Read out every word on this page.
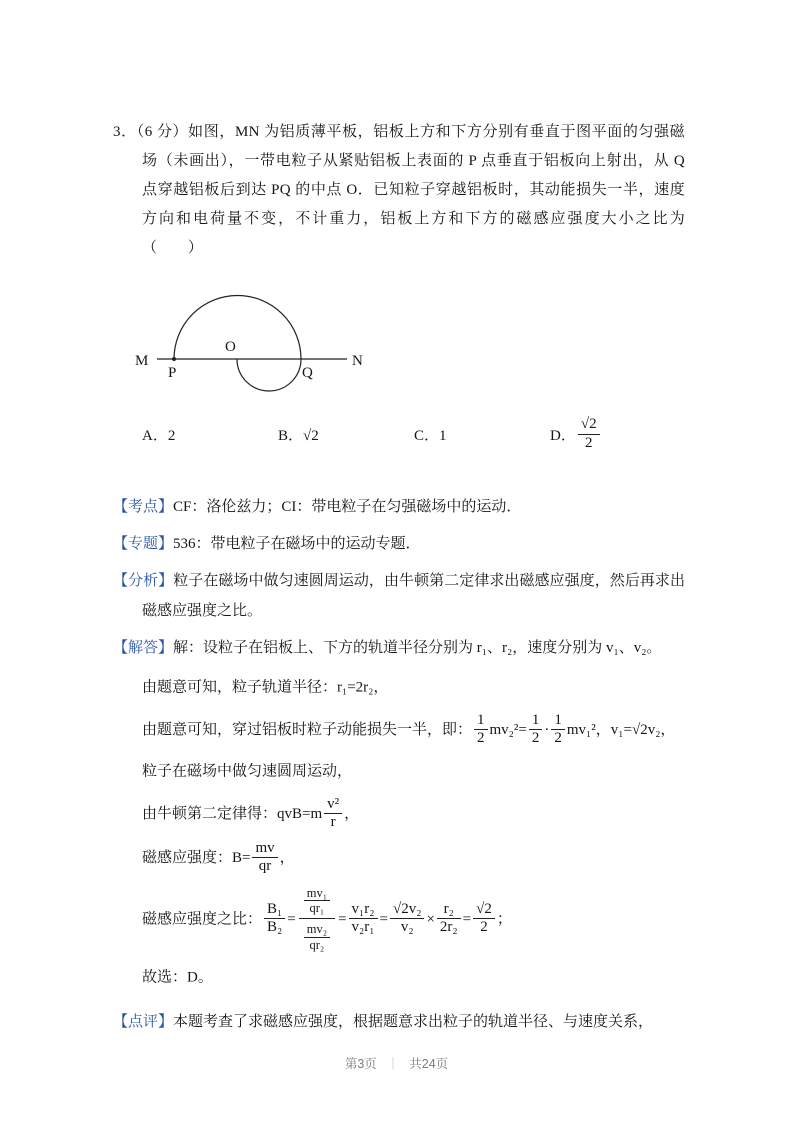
3．（6 分）如图，MN 为铝质薄平板，铝板上方和下方分别有垂直于图平面的匀强磁场（未画出），一带电粒子从紧贴铝板上表面的 P 点垂直于铝板向上射出，从 Q 点穿越铝板后到达 PQ 的中点 O．已知粒子穿越铝板时，其动能损失一半，速度方向和电荷量不变，不计重力，铝板上方和下方的磁感应强度大小之比为（　　）

M	N
O
P	Q
A．2	B．√2	C．1	D． $\frac{√2}{2}$

【考点】CF：洛伦兹力；CI：带电粒子在匀强磁场中的运动．

【专题】536：带电粒子在磁场中的运动专题．

【分析】粒子在磁场中做匀速圆周运动，由牛顿第二定律求出磁感应强度，然后再求出磁感应强度之比。

【解答】解：设粒子在铝板上、下方的轨道半径分别为 r₁、r₂，速度分别为 v₁、v₂。

由题意可知，粒子轨道半径：r₁=2r₂，
由题意可知，穿过铝板时粒子动能损失一半，即： $\frac{1}{2} mv_2^2= \frac{1}{2} \cdot \frac{1}{2} mv_1^2$，v₁=√2v₂，
粒子在磁场中做匀速圆周运动，
由牛顿第二定律得：$qvB=m \frac{\text{v²}}{r}$ ，
磁感应强度：$B= \frac{mv}{qr}$ ，
磁感应强度之比： $\frac{\text{B₁}}{\text{B₂}} = \frac{\frac{\text{mv₁}}{\text{qr₁}}}{\frac{\text{mv₂}}{\text{qr₂}}} = \frac{\text{v₁r₂}}{\text{v₂r₁}} = \frac{\text{√2v₂}}{\text{v₂}} \times \frac{\text{r₂}}{\text{2r₂}} = \frac{√2}{2}$ ；
故选：D。

【点评】本题考查了求磁感应强度，根据题意求出粒子的轨道半径、与速度关系，

第3页 ｜ 共24页
